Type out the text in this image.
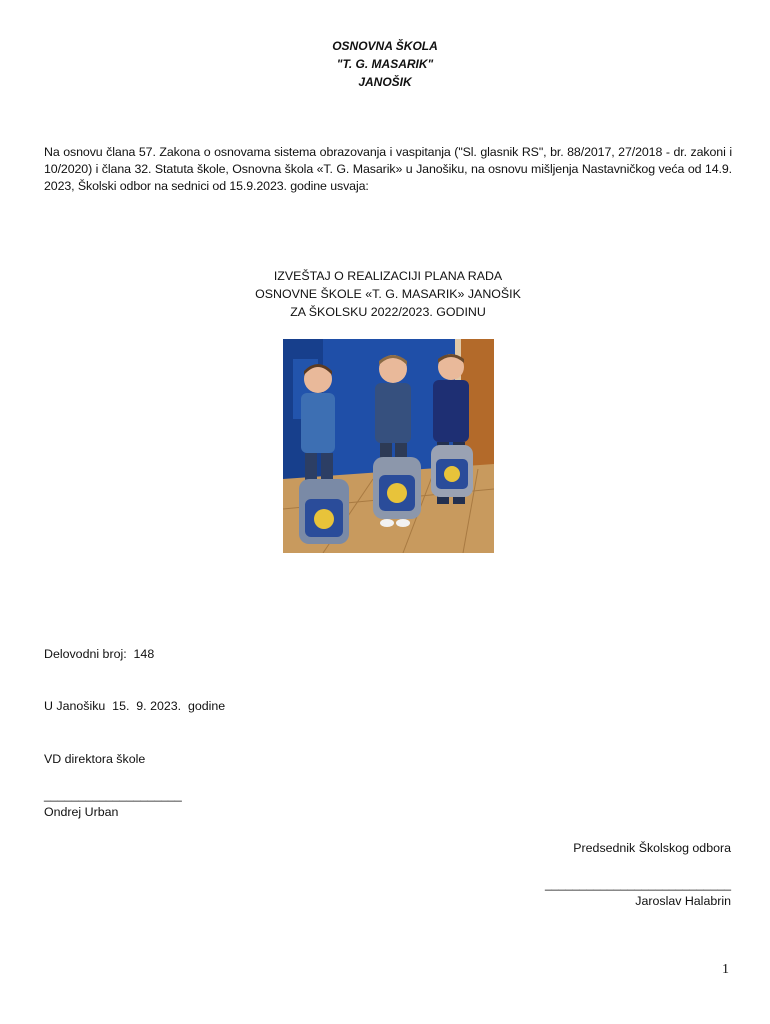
OSNOVNA ŠKOLA
"T. G. MASARIK"
JANOŠIK
Na osnovu člana 57. Zakona o osnovama sistema obrazovanja i vaspitanja ("Sl. glasnik RS", br. 88/2017, 27/2018 - dr. zakoni i 10/2020) i člana 32. Statuta škole, Osnovna škola «T. G. Masarik» u Janošiku, na osnovu mišljenja Nastavničkog veća od 14.9. 2023, Školski odbor na sednici od 15.9.2023. godine usvaja:
IZVEŠTAJ O REALIZACIJI PLANA RADA
OSNOVNE ŠKOLE «T. G. MASARIK» JANOŠIK
ZA ŠKOLSKU 2022/2023. GODINU
Delovodni broj:  148
U Janošiku  15.  9. 2023.  godine
VD direktora škole
____________________
Ondrej Urban
Predsednik Školskog odbora
___________________________
Jaroslav Halabrin
1
